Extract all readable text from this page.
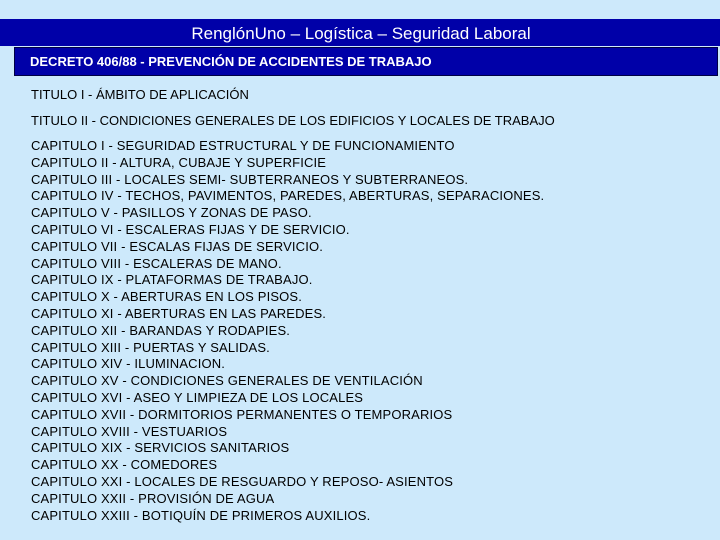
RenglónUno – Logística – Seguridad Laboral
DECRETO 406/88 - PREVENCIÓN DE ACCIDENTES DE TRABAJO
TITULO I - ÁMBITO DE APLICACIÓN
TITULO II - CONDICIONES GENERALES DE LOS EDIFICIOS Y LOCALES DE TRABAJO
CAPITULO I - SEGURIDAD ESTRUCTURAL Y DE FUNCIONAMIENTO
CAPITULO II - ALTURA, CUBAJE Y SUPERFICIE
CAPITULO III - LOCALES SEMI- SUBTERRANEOS Y SUBTERRANEOS.
CAPITULO IV - TECHOS, PAVIMENTOS, PAREDES, ABERTURAS, SEPARACIONES.
CAPITULO V - PASILLOS Y ZONAS DE PASO.
CAPITULO VI - ESCALERAS FIJAS Y DE SERVICIO.
CAPITULO VII - ESCALAS FIJAS DE SERVICIO.
CAPITULO VIII - ESCALERAS DE MANO.
CAPITULO IX - PLATAFORMAS DE TRABAJO.
CAPITULO X - ABERTURAS EN LOS PISOS.
CAPITULO XI - ABERTURAS EN LAS PAREDES.
CAPITULO XII - BARANDAS Y RODAPIES.
CAPITULO XIII - PUERTAS Y SALIDAS.
CAPITULO XIV - ILUMINACION.
CAPITULO XV - CONDICIONES GENERALES DE VENTILACIÓN
CAPITULO XVI - ASEO Y LIMPIEZA DE LOS LOCALES
CAPITULO XVII - DORMITORIOS PERMANENTES O TEMPORARIOS
CAPITULO XVIII - VESTUARIOS
CAPITULO XIX - SERVICIOS SANITARIOS
CAPITULO XX - COMEDORES
CAPITULO XXI - LOCALES DE RESGUARDO Y REPOSO- ASIENTOS
CAPITULO XXII - PROVISIÓN DE AGUA
CAPITULO XXIII - BOTIQUÍN DE PRIMEROS AUXILIOS.
